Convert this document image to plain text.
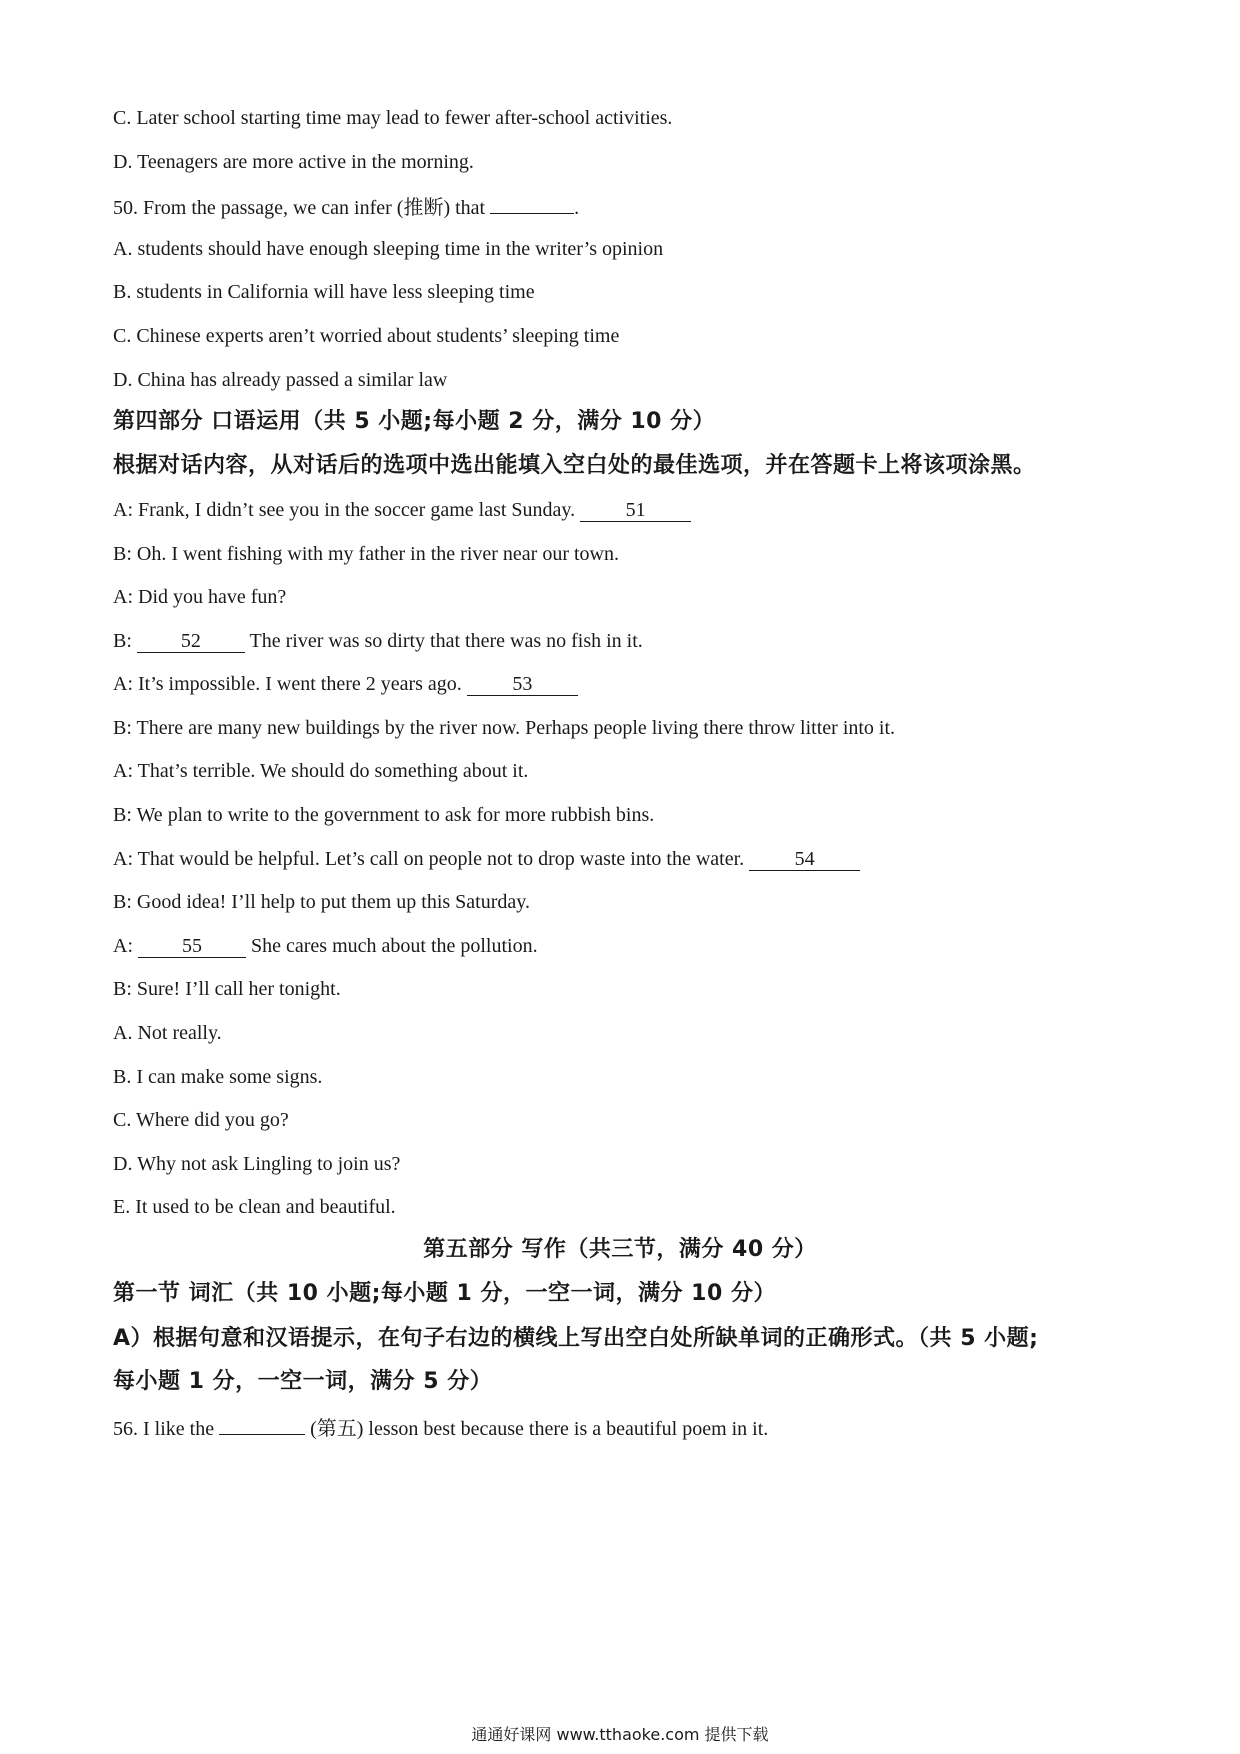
C. Later school starting time may lead to fewer after-school activities.
D. Teenagers are more active in the morning.
50. From the passage, we can infer (推断) that	.
A. students should have enough sleeping time in the writer’s opinion
B. students in California will have less sleeping time
C. Chinese experts aren’t worried about students’ sleeping time
D. China has already passed a similar law
第四部分 口语运用（共 5 小题;每小题 2 分，满分 10 分）
根据对话内容，从对话后的选项中选出能填入空白处的最佳选项，并在答题卡上将该项涂黑。
A: Frank, I didn’t see you in the soccer game last Sunday. 51
B: Oh. I went fishing with my father in the river near our town.
A: Did you have fun?
B: 52 The river was so dirty that there was no fish in it.
A: It’s impossible. I went there 2 years ago. 53
B: There are many new buildings by the river now. Perhaps people living there throw litter into it.
A: That’s terrible. We should do something about it.
B: We plan to write to the government to ask for more rubbish bins.
A: That would be helpful. Let’s call on people not to drop waste into the water. 54
B: Good idea! I’ll help to put them up this Saturday.
A: 55 She cares much about the pollution.
B: Sure! I’ll call her tonight.
A. Not really.
B. I can make some signs.
C. Where did you go?
D. Why not ask Lingling to join us?
E. It used to be clean and beautiful.
第五部分 写作（共三节，满分 40 分）
第一节 词汇（共 10 小题;每小题 1 分，一空一词，满分 10 分）
A）根据句意和汉语提示，在句子右边的横线上写出空白处所缺单词的正确形式。（共 5 小题;
每小题 1 分，一空一词，满分 5 分）
56. I like the	(第五) lesson best because there is a beautiful poem in it.
通通好课网 www.tthaoke.com 提供下载
